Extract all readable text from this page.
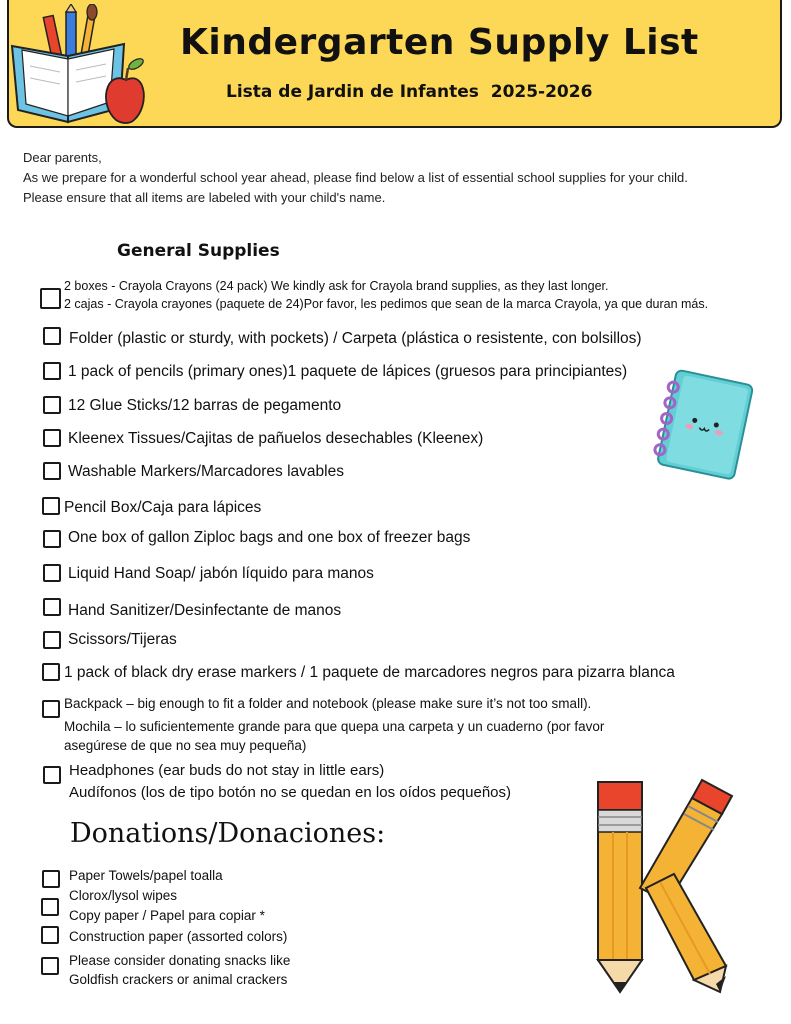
Kindergarten Supply List
Lista de Jardin de Infantes  2025-2026
Dear parents,
As we prepare for a wonderful school year ahead, please find below a list of essential school supplies for your child.
Please ensure that all items are labeled with your child's name.
General Supplies
2 boxes - Crayola Crayons (24 pack) We kindly ask for Crayola brand supplies, as they last longer.
2 cajas - Crayola crayones (paquete de 24)Por favor, les pedimos que sean de la marca Crayola, ya que duran más.
Folder (plastic or sturdy, with pockets) / Carpeta (plástica o resistente, con bolsillos)
1 pack of pencils (primary ones)1 paquete de lápices (gruesos para principiantes)
12 Glue Sticks/12 barras de pegamento
Kleenex Tissues/Cajitas de pañuelos desechables (Kleenex)
Washable Markers/Marcadores lavables
Pencil Box/Caja para lápices
One box of gallon Ziploc bags and one box of freezer bags
Liquid Hand Soap/ jabón líquido para manos
Hand Sanitizer/Desinfectante de manos
Scissors/Tijeras
1 pack of black dry erase markers / 1 paquete de marcadores negros para pizarra blanca
Backpack – big enough to fit a folder and notebook (please make sure it’s not too small).
Mochila – lo suficientemente grande para que quepa una carpeta y un cuaderno (por favor
asegúrese de que no sea muy pequeña)
Headphones (ear buds do not stay in little ears)
Audífonos (los de tipo botón no se quedan en los oídos pequeños)
Donations/Donaciones:
Paper Towels/papel toalla
Clorox/lysol wipes
Copy paper / Papel para copiar *
Construction paper (assorted colors)
Please consider donating snacks like
Goldfish crackers or animal crackers
